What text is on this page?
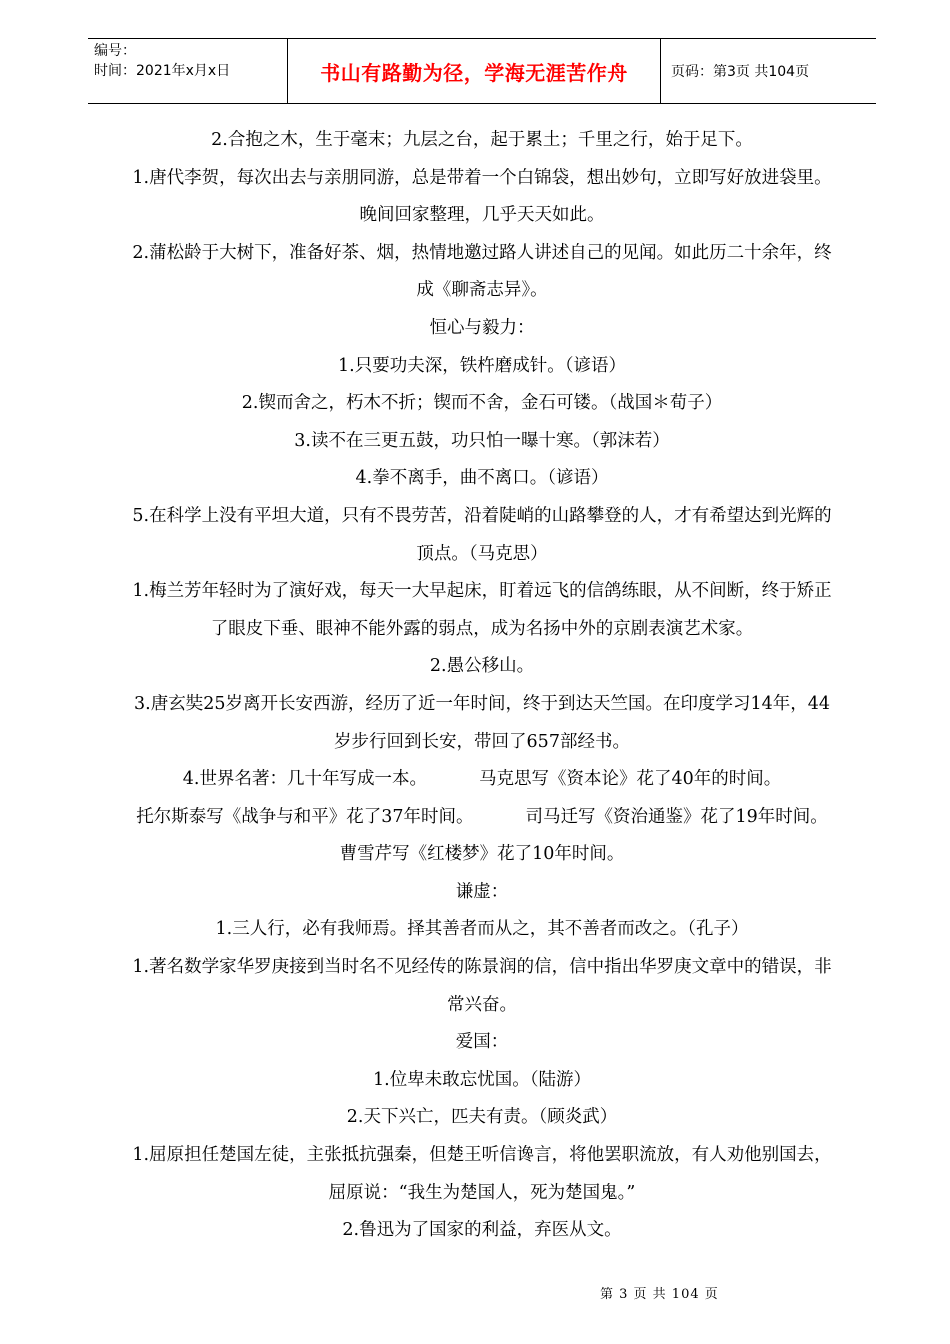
编号：
时间：2021年x月x日	书山有路勤为径，学海无涯苦作舟	页码：第3页 共104页
2.合抱之木，生于毫末；九层之台，起于累土；千里之行，始于足下。
1.唐代李贺，每次出去与亲朋同游，总是带着一个白锦袋，想出妙句，立即写好放进袋里。
晚间回家整理，几乎天天如此。
2.蒲松龄于大树下，准备好茶、烟，热情地邀过路人讲述自己的见闻。如此历二十余年，终
成《聊斋志异》。
恒心与毅力：
1.只要功夫深，铁杵磨成针。（谚语）
2.锲而舍之，朽木不折；锲而不舍，金石可镂。（战国＊荀子）
3.读不在三更五鼓，功只怕一曝十寒。（郭沫若）
4.拳不离手，曲不离口。（谚语）
5.在科学上没有平坦大道，只有不畏劳苦，沿着陡峭的山路攀登的人，才有希望达到光辉的
顶点。（马克思）
1.梅兰芳年轻时为了演好戏，每天一大早起床，盯着远飞的信鸽练眼，从不间断，终于矫正
了眼皮下垂、眼神不能外露的弱点，成为名扬中外的京剧表演艺术家。
2.愚公移山。
3.唐玄奘25岁离开长安西游，经历了近一年时间，终于到达天竺国。在印度学习14年，44
岁步行回到长安，带回了657部经书。
4.世界名著：几十年写成一本。	马克思写《资本论》花了40年的时间。
托尔斯泰写《战争与和平》花了37年时间。	司马迁写《资治通鉴》花了19年时间。
曹雪芹写《红楼梦》花了10年时间。
谦虚：
1.三人行，必有我师焉。择其善者而从之，其不善者而改之。（孔子）
1.著名数学家华罗庚接到当时名不见经传的陈景润的信，信中指出华罗庚文章中的错误，非
常兴奋。
爱国：
1.位卑未敢忘忧国。（陆游）
2.天下兴亡，匹夫有责。（顾炎武）
1.屈原担任楚国左徒，主张抵抗强秦，但楚王听信谗言，将他罢职流放，有人劝他别国去，
屈原说：“我生为楚国人，死为楚国鬼。”
2.鲁迅为了国家的利益，弃医从文。
第 3 页 共 104 页
